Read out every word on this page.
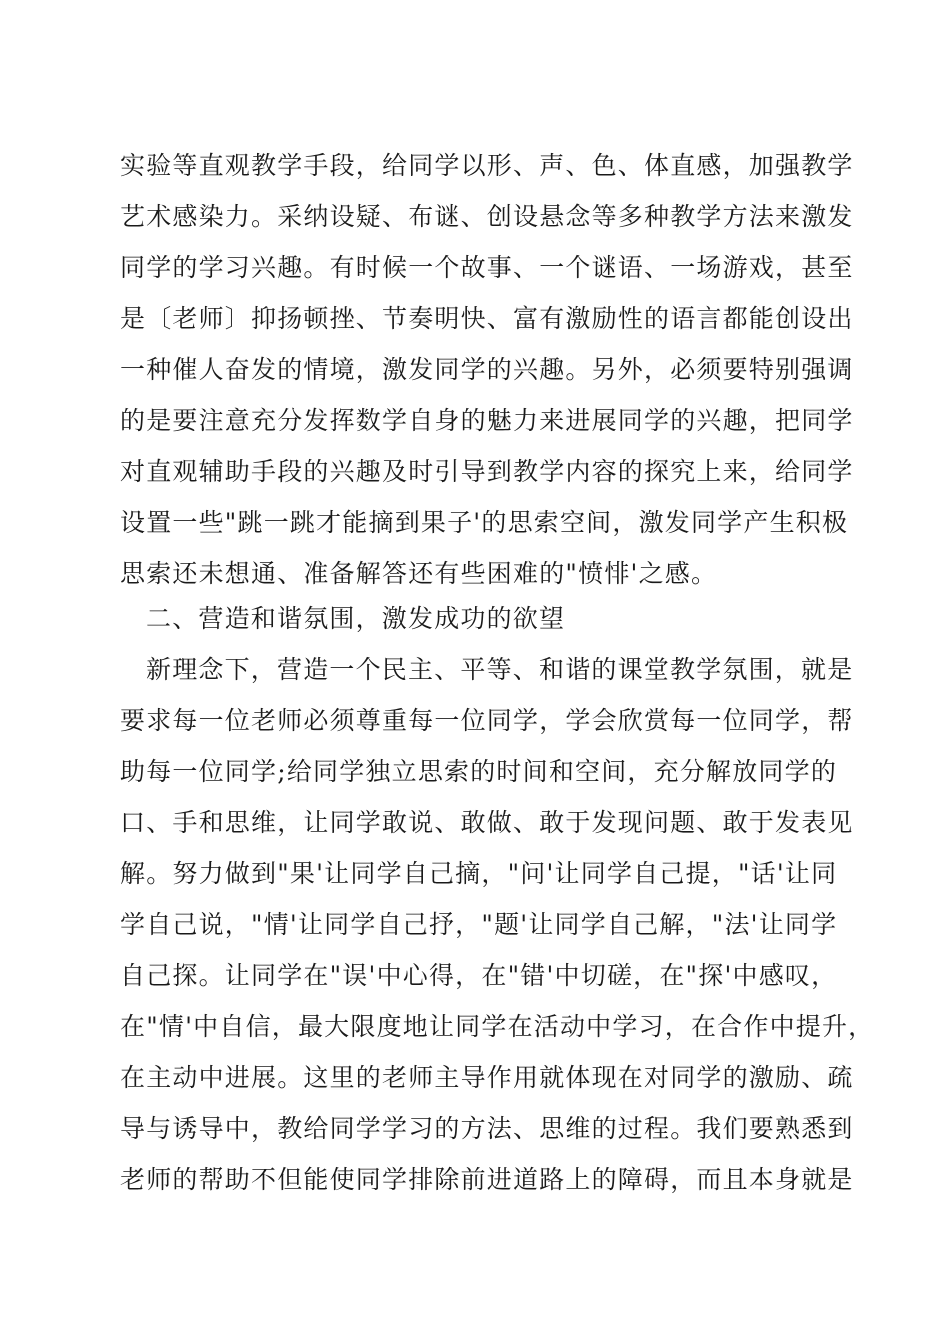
实验等直观教学手段，给同学以形、声、色、体直感，加强教学
艺术感染力。采纳设疑、布谜、创设悬念等多种教学方法来激发
同学的学习兴趣。有时候一个故事、一个谜语、一场游戏，甚至
是〔老师〕抑扬顿挫、节奏明快、富有激励性的语言都能创设出
一种催人奋发的情境，激发同学的兴趣。另外，必须要特别强调
的是要注意充分发挥数学自身的魅力来进展同学的兴趣，把同学
对直观辅助手段的兴趣及时引导到教学内容的探究上来，给同学
设置一些"跳一跳才能摘到果子'的思索空间，激发同学产生积极
思索还未想通、准备解答还有些困难的"愤悱'之感。
二、营造和谐氛围，激发成功的欲望
新理念下，营造一个民主、平等、和谐的课堂教学氛围，就是
要求每一位老师必须尊重每一位同学，学会欣赏每一位同学，帮
助每一位同学;给同学独立思索的时间和空间，充分解放同学的
口、手和思维，让同学敢说、敢做、敢于发现问题、敢于发表见
解。努力做到"果'让同学自己摘，"问'让同学自己提，"话'让同
学自己说，"情'让同学自己抒，"题'让同学自己解，"法'让同学
自己探。让同学在"误'中心得，在"错'中切磋，在"探'中感叹，
在"情'中自信，最大限度地让同学在活动中学习，在合作中提升，
在主动中进展。这里的老师主导作用就体现在对同学的激励、疏
导与诱导中，教给同学学习的方法、思维的过程。我们要熟悉到
老师的帮助不但能使同学排除前进道路上的障碍，而且本身就是
